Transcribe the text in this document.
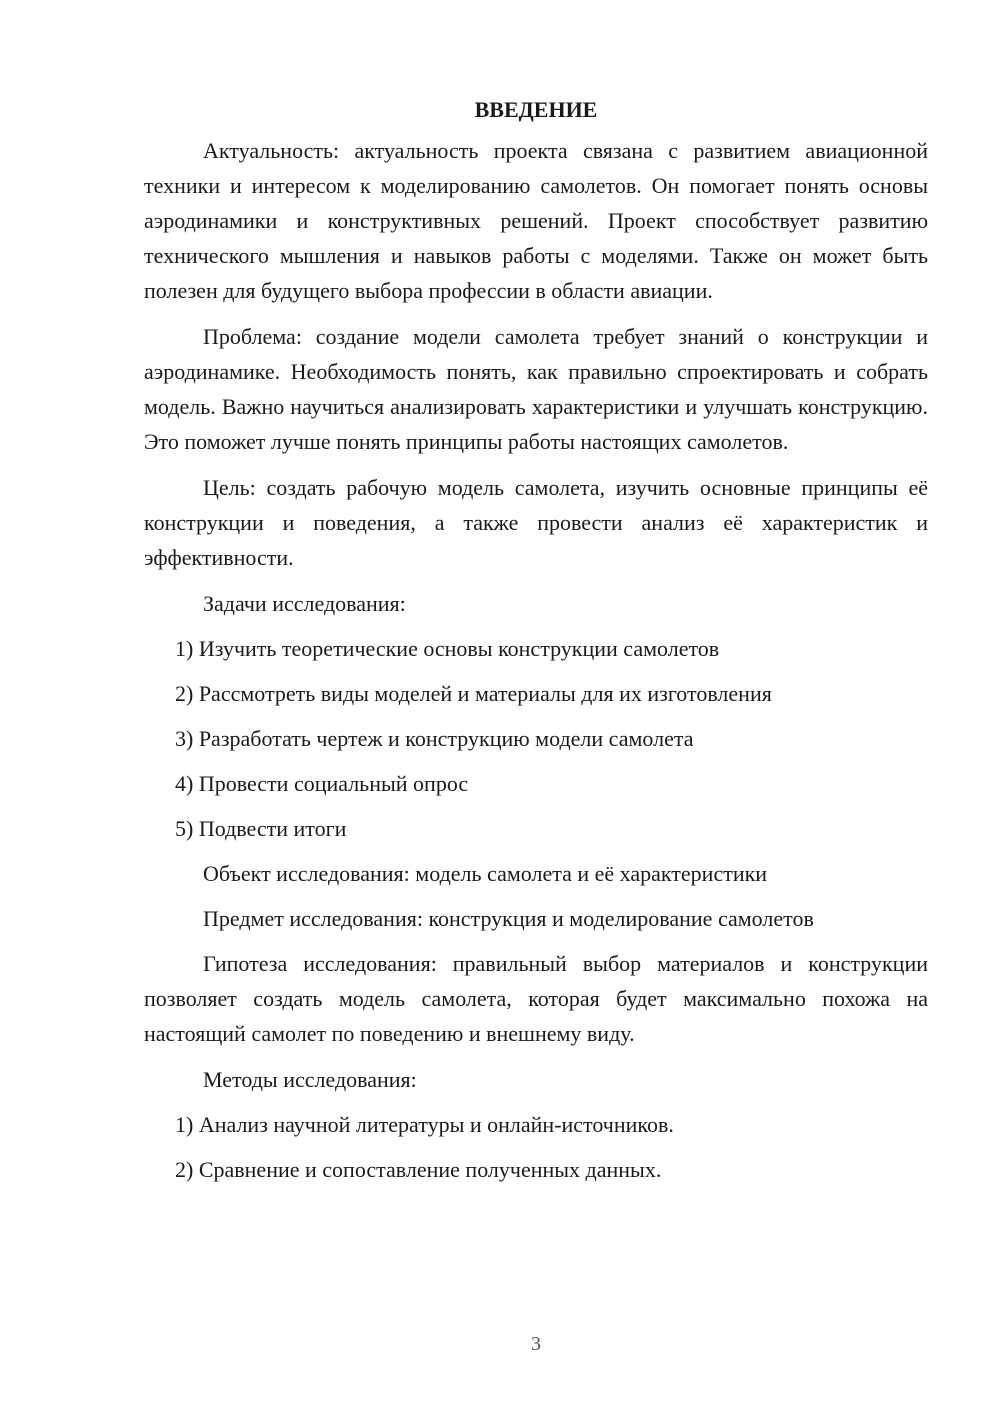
ВВЕДЕНИЕ

Актуальность: актуальность проекта связана с развитием авиационной техники и интересом к моделированию самолетов. Он помогает понять основы аэродинамики и конструктивных решений. Проект способствует развитию технического мышления и навыков работы с моделями. Также он может быть полезен для будущего выбора профессии в области авиации.

Проблема: создание модели самолета требует знаний о конструкции и аэродинамике. Необходимость понять, как правильно спроектировать и собрать модель. Важно научиться анализировать характеристики и улучшать конструкцию. Это поможет лучше понять принципы работы настоящих самолетов.

Цель: создать рабочую модель самолета, изучить основные принципы её конструкции и поведения, а также провести анализ её характеристик и эффективности.

Задачи исследования:
1) Изучить теоретические основы конструкции самолетов
2) Рассмотреть виды моделей и материалы для их изготовления
3) Разработать чертеж и конструкцию модели самолета
4) Провести социальный опрос
5) Подвести итоги
Объект исследования: модель самолета и её характеристики
Предмет исследования: конструкция и моделирование самолетов

Гипотеза исследования: правильный выбор материалов и конструкции позволяет создать модель самолета, которая будет максимально похожа на настоящий самолет по поведению и внешнему виду.

Методы исследования:
1) Анализ научной литературы и онлайн-источников.
2) Сравнение и сопоставление полученных данных.
3
